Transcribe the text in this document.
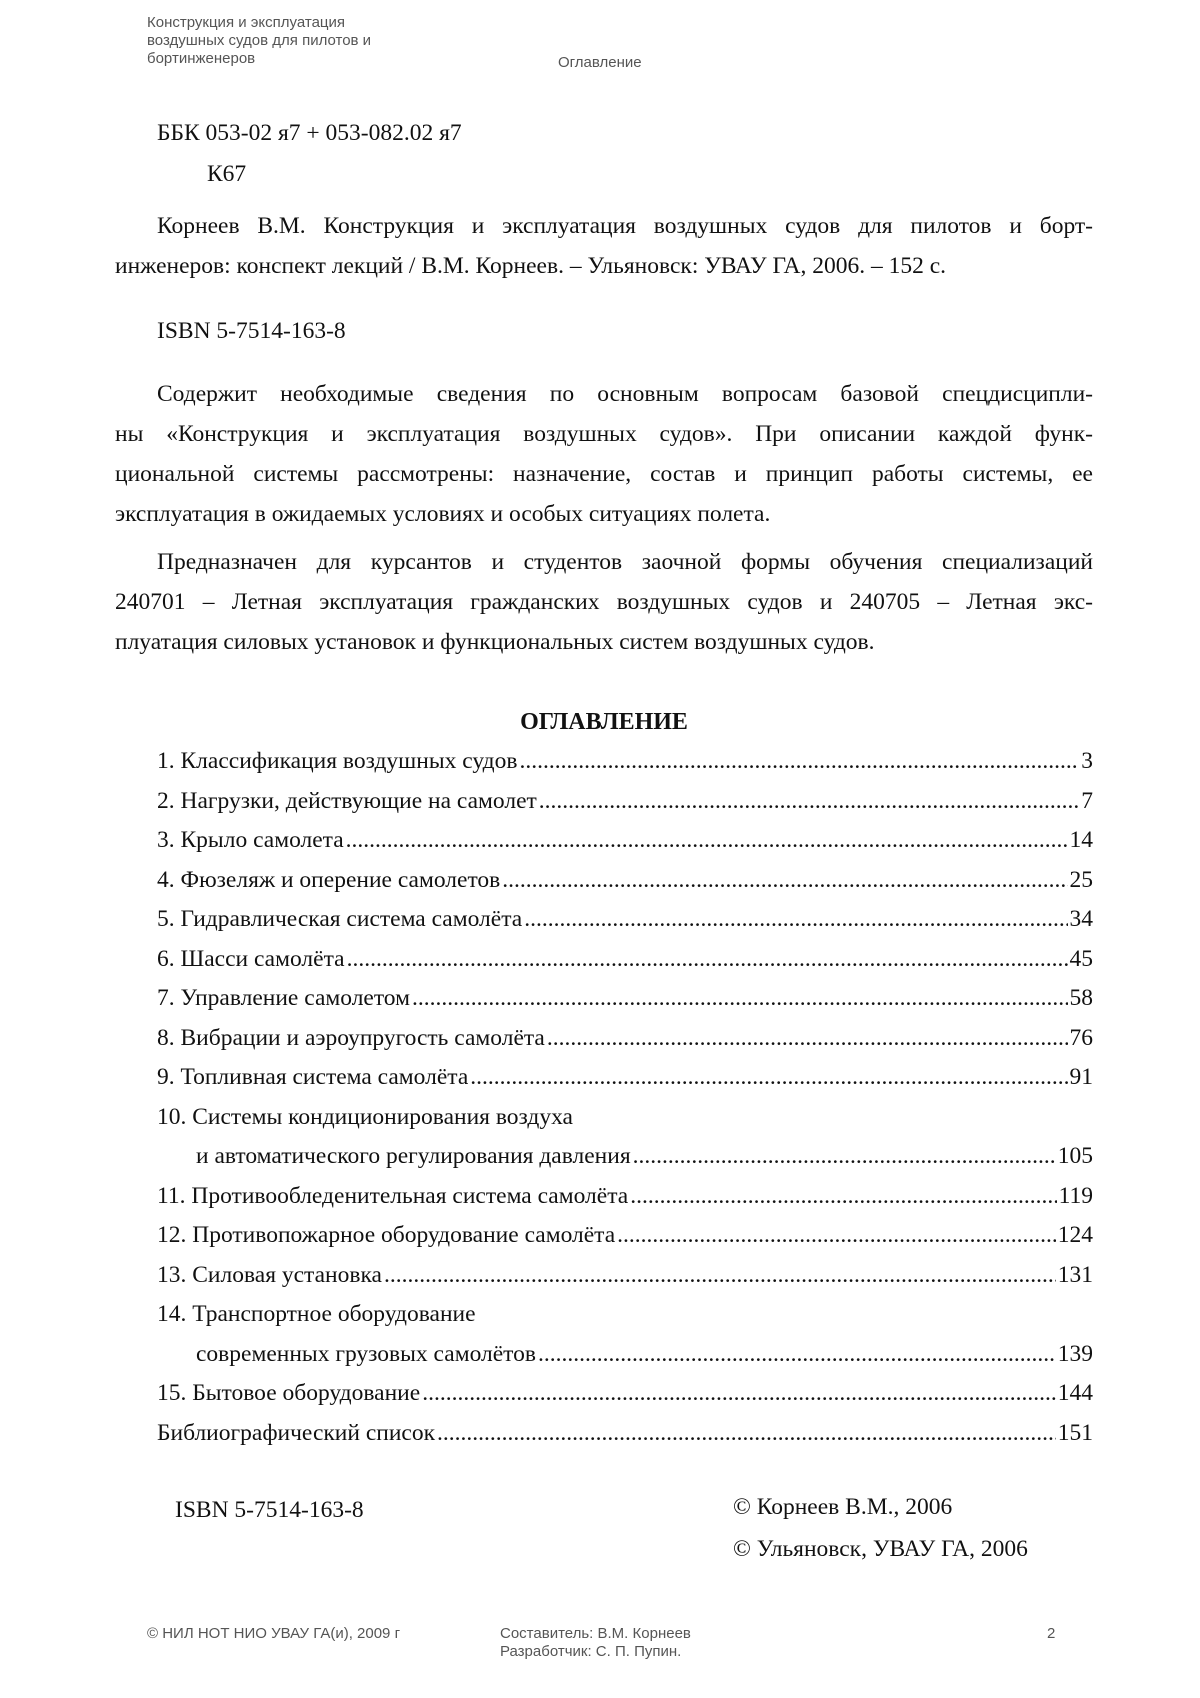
Конструкция и эксплуатация
воздушных судов для пилотов и
бортинженеров	Оглавление
ББК 053-02 я7 + 053-082.02 я7
К67
Корнеев В.М. Конструкция и эксплуатация воздушных судов для пилотов и борт-
инженеров: конспект лекций / В.М. Корнеев. – Ульяновск: УВАУ ГА, 2006. – 152 с.
ISBN 5-7514-163-8
Содержит необходимые сведения по основным вопросам базовой спецдисципли-
ны «Конструкция и эксплуатация воздушных судов». При описании каждой функ-
циональной системы рассмотрены: назначение, состав и принцип работы системы, ее
эксплуатация в ожидаемых условиях и особых ситуациях полета.
Предназначен для курсантов и студентов заочной формы обучения специализаций
240701 – Летная эксплуатация гражданских воздушных судов и 240705 – Летная экс-
плуатация силовых установок и функциональных систем воздушных судов.
ОГЛАВЛЕНИЕ
1. Классификация воздушных судов .....	3
2. Нагрузки, действующие на самолет .....	7
3. Крыло самолета .....	14
4. Фюзеляж и оперение самолетов .....	25
5. Гидравлическая система самолёта .....	34
6. Шасси самолёта .....	45
7. Управление самолетом .....	58
8. Вибрации и аэроупругость самолёта .....	76
9. Топливная система самолёта .....	91
10. Системы кондиционирования воздуха
и автоматического регулирования давления .....	105
11. Противообледенительная система самолёта .....	119
12. Противопожарное оборудование самолёта .....	124
13. Силовая установка .....	131
14. Транспортное оборудование
современных грузовых самолётов .....	139
15. Бытовое оборудование .....	144
Библиографический список .....	151
ISBN 5-7514-163-8	© Корнеев В.М., 2006
© Ульяновск, УВАУ ГА, 2006
© НИЛ НОТ НИО УВАУ ГА(и), 2009 г	Составитель: В.М. Корнеев
Разработчик: С. П. Пупин.
2
